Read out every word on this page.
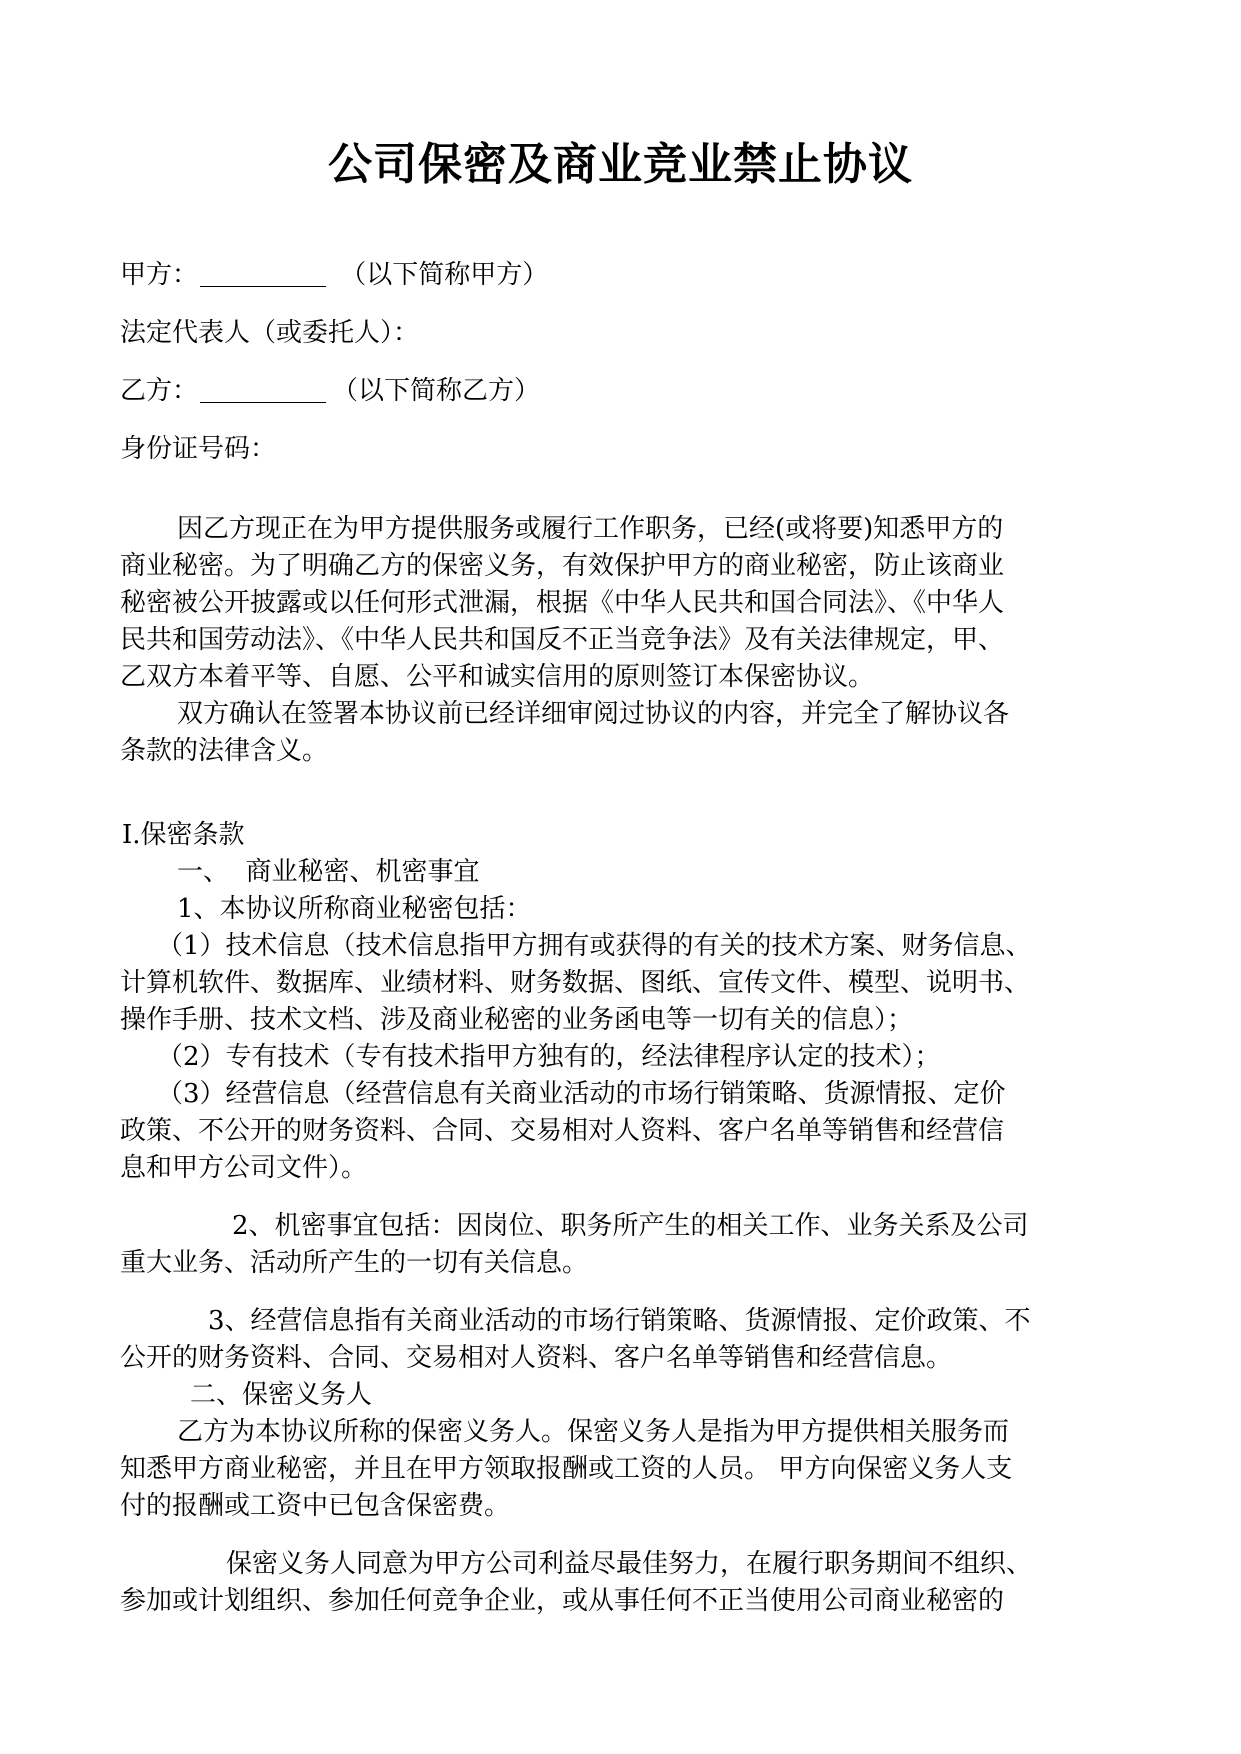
公司保密及商业竞业禁止协议
甲方：	（以下简称甲方）
法定代表人（或委托人）：
乙方：	（以下简称乙方）
身份证号码：
因乙方现正在为甲方提供服务或履行工作职务，已经(或将要)知悉甲方的
商业秘密。为了明确乙方的保密义务，有效保护甲方的商业秘密，防止该商业
秘密被公开披露或以任何形式泄漏，根据《中华人民共和国合同法》、《中华人
民共和国劳动法》、《中华人民共和国反不正当竞争法》及有关法律规定，甲、
乙双方本着平等、自愿、公平和诚实信用的原则签订本保密协议。
双方确认在签署本协议前已经详细审阅过协议的内容，并完全了解协议各
条款的法律含义。
Ⅰ.保密条款
一、  商业秘密、机密事宜
1、本协议所称商业秘密包括：
（1）技术信息（技术信息指甲方拥有或获得的有关的技术方案、财务信息、
计算机软件、数据库、业绩材料、财务数据、图纸、宣传文件、模型、说明书、
操作手册、技术文档、涉及商业秘密的业务函电等一切有关的信息）；
（2）专有技术（专有技术指甲方独有的，经法律程序认定的技术）；
（3）经营信息（经营信息有关商业活动的市场行销策略、货源情报、定价
政策、不公开的财务资料、合同、交易相对人资料、客户名单等销售和经营信
息和甲方公司文件）。
2、机密事宜包括：因岗位、职务所产生的相关工作、业务关系及公司
重大业务、活动所产生的一切有关信息。
3、经营信息指有关商业活动的市场行销策略、货源情报、定价政策、不
公开的财务资料、合同、交易相对人资料、客户名单等销售和经营信息。
二、保密义务人
乙方为本协议所称的保密义务人。保密义务人是指为甲方提供相关服务而
知悉甲方商业秘密，并且在甲方领取报酬或工资的人员。 甲方向保密义务人支
付的报酬或工资中已包含保密费。
保密义务人同意为甲方公司利益尽最佳努力，在履行职务期间不组织、
参加或计划组织、参加任何竞争企业，或从事任何不正当使用公司商业秘密的
